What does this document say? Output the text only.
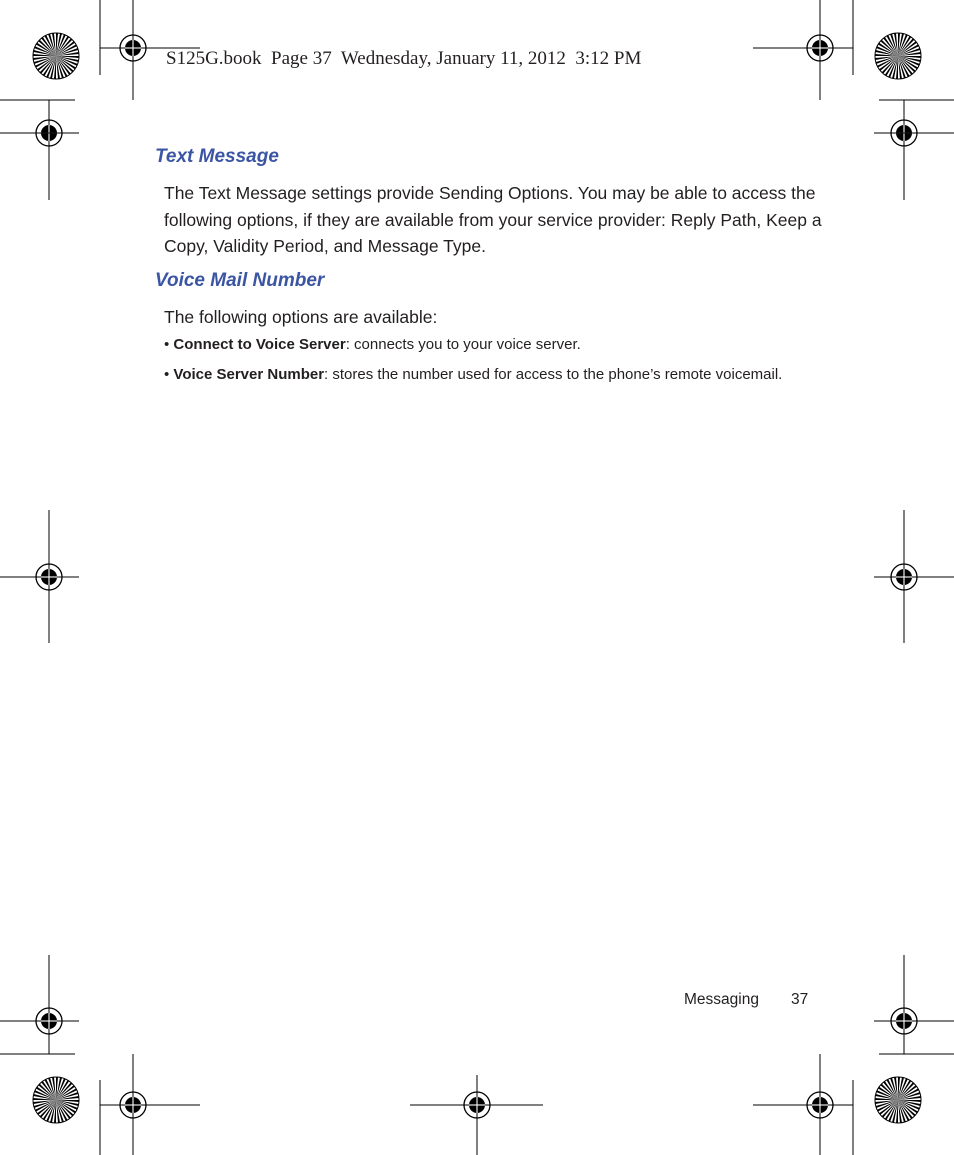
S125G.book  Page 37  Wednesday, January 11, 2012  3:12 PM

Text Message

The Text Message settings provide Sending Options. You may be able to access the following options, if they are available from your service provider: Reply Path, Keep a Copy, Validity Period, and Message Type.

Voice Mail Number

The following options are available:

• Connect to Voice Server: connects you to your voice server.

• Voice Server Number: stores the number used for access to the phone’s remote voicemail.

Messaging 37
